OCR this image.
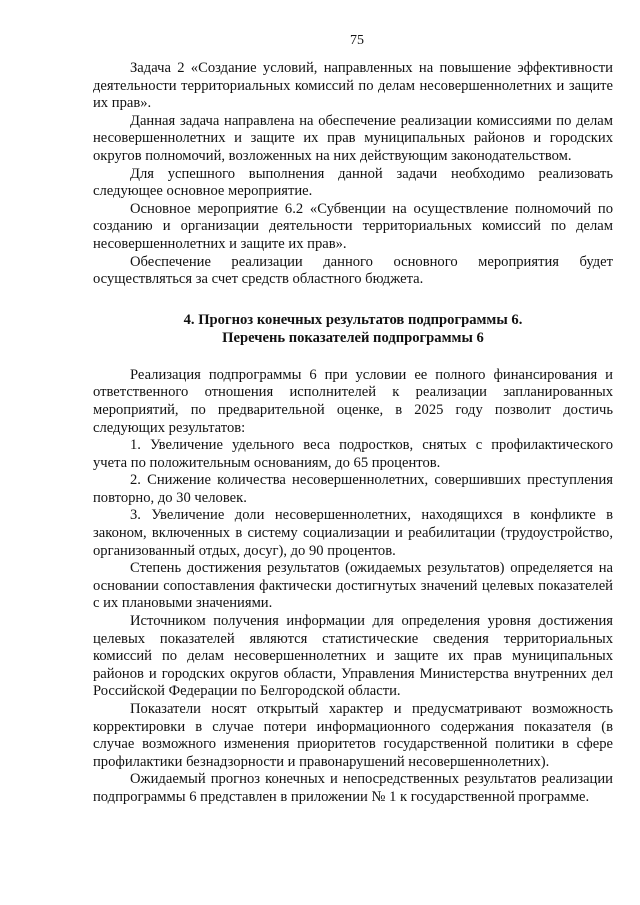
75

Задача 2 «Создание условий, направленных на повышение эффективности деятельности территориальных комиссий по делам несовершеннолетних и защите их прав».

Данная задача направлена на обеспечение реализации комиссиями по делам несовершеннолетних и защите их прав муниципальных районов и городских округов полномочий, возложенных на них действующим законодательством.

Для успешного выполнения данной задачи необходимо реализовать следующее основное мероприятие.

Основное мероприятие 6.2 «Субвенции на осуществление полномочий по созданию и организации деятельности территориальных комиссий по делам несовершеннолетних и защите их прав».

Обеспечение реализации данного основного мероприятия будет осуществляться за счет средств областного бюджета.

4. Прогноз конечных результатов подпрограммы 6.
Перечень показателей подпрограммы 6

Реализация подпрограммы 6 при условии ее полного финансирования и ответственного отношения исполнителей к реализации запланированных мероприятий, по предварительной оценке, в 2025 году позволит достичь следующих результатов:

1. Увеличение удельного веса подростков, снятых с профилактического учета по положительным основаниям, до 65 процентов.

2. Снижение количества несовершеннолетних, совершивших преступления повторно, до 30 человек.

3. Увеличение доли несовершеннолетних, находящихся в конфликте в законом, включенных в систему социализации и реабилитации (трудоустройство, организованный отдых, досуг), до 90 процентов.

Степень достижения результатов (ожидаемых результатов) определяется на основании сопоставления фактически достигнутых значений целевых показателей с их плановыми значениями.

Источником получения информации для определения уровня достижения целевых показателей являются статистические сведения территориальных комиссий по делам несовершеннолетних и защите их прав муниципальных районов и городских округов области, Управления Министерства внутренних дел Российской Федерации по Белгородской области.

Показатели носят открытый характер и предусматривают возможность корректировки в случае потери информационного содержания показателя (в случае возможного изменения приоритетов государственной политики в сфере профилактики безнадзорности и правонарушений несовершеннолетних).

Ожидаемый прогноз конечных и непосредственных результатов реализации подпрограммы 6 представлен в приложении № 1 к государственной программе.
